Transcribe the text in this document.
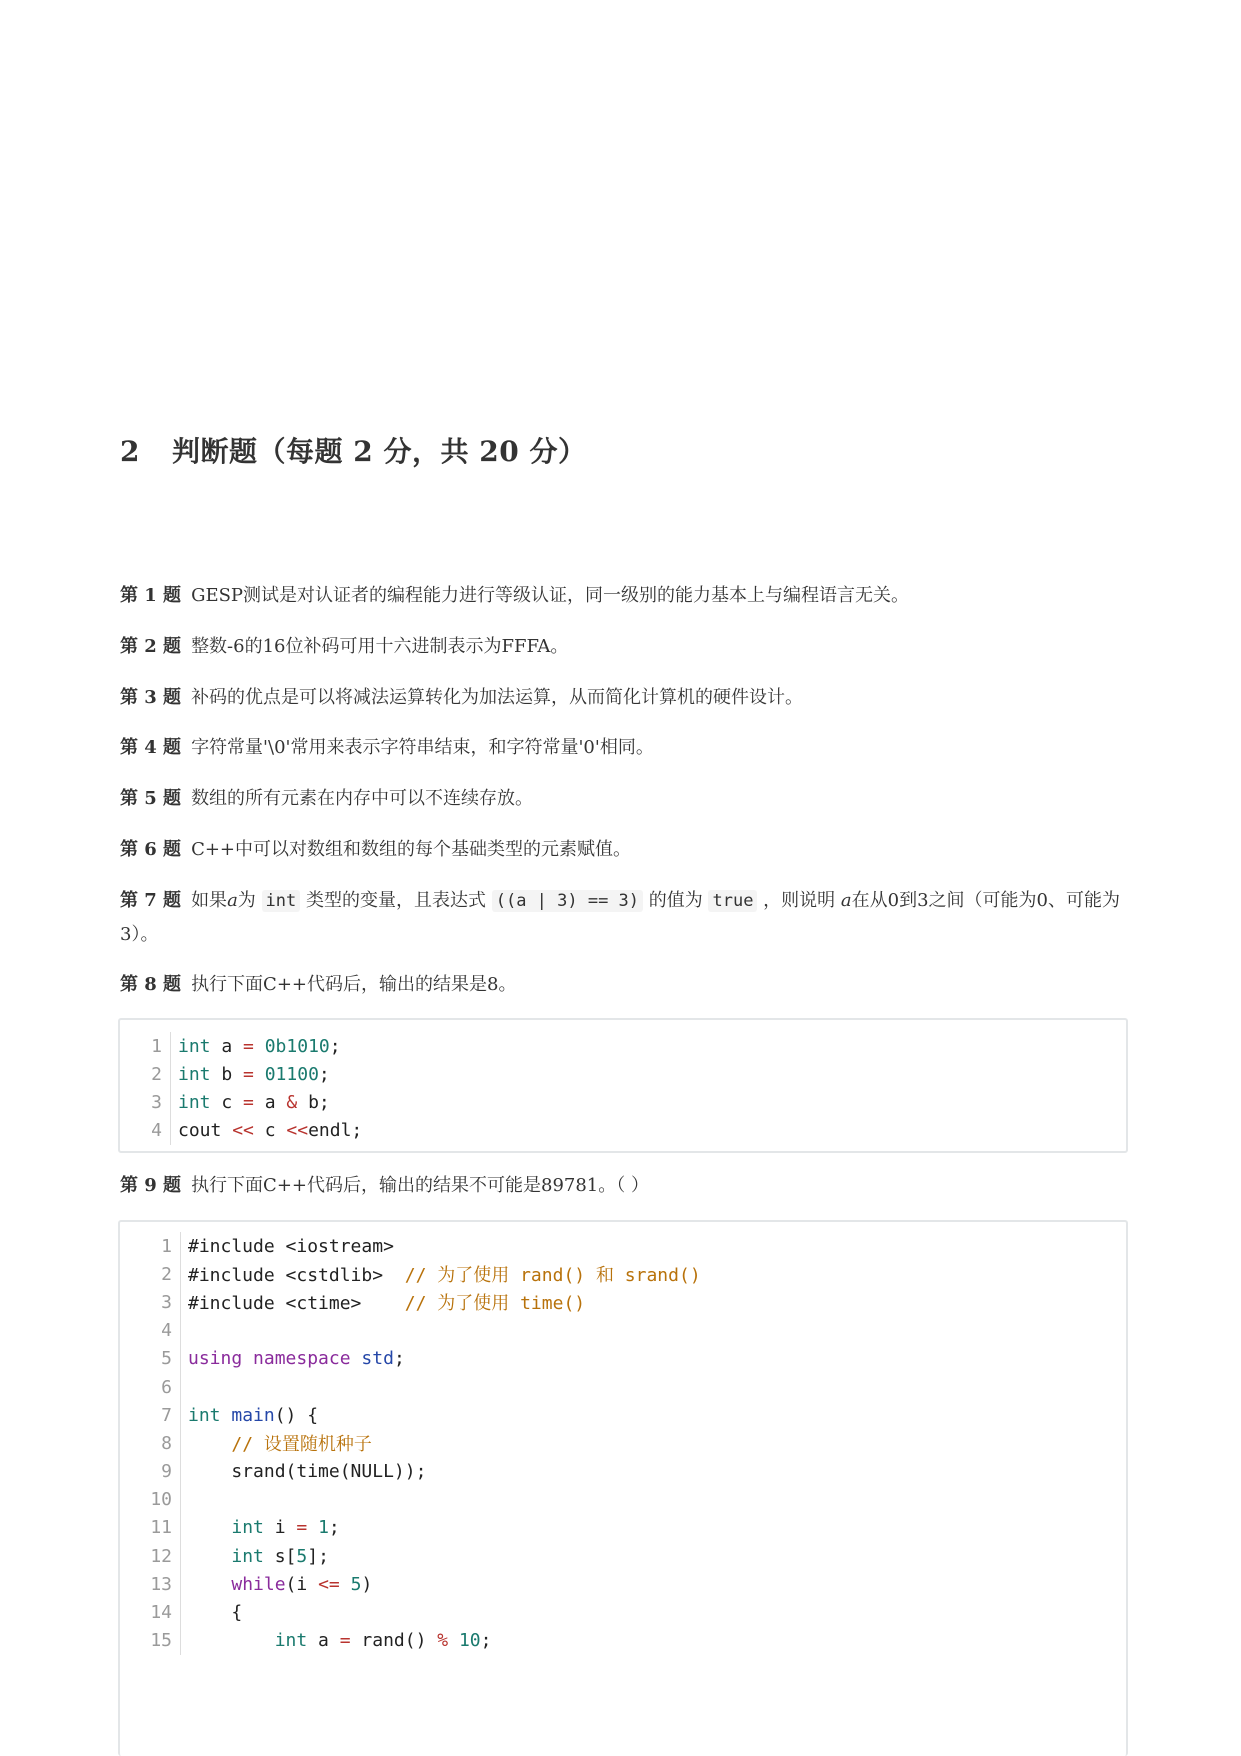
2 判断题（每题 2 分，共 20 分）

第 1 题 GESP测试是对认证者的编程能力进行等级认证，同一级别的能力基本上与编程语言无关。

第 2 题 整数-6的16位补码可用十六进制表示为FFFA。

第 3 题 补码的优点是可以将减法运算转化为加法运算，从而简化计算机的硬件设计。

第 4 题 字符常量'\0'常用来表示字符串结束，和字符常量'0'相同。

第 5 题 数组的所有元素在内存中可以不连续存放。

第 6 题 C++中可以对数组和数组的每个基础类型的元素赋值。

第 7 题 如果a为 int 类型的变量，且表达式 ((a | 3) == 3) 的值为 true ，则说明 a在从0到3之间（可能为0、可能为3）。

第 8 题 执行下面C++代码后，输出的结果是8。

1	int a = 0b1010;
2	int b = 01100;
3	int c = a & b;
4	cout << c <<endl;

第 9 题 执行下面C++代码后，输出的结果不可能是89781。（ ）

1	#include <iostream>
2	#include <cstdlib>  // 为了使用 rand() 和 srand()
3	#include <ctime>    // 为了使用 time()
4	
5	using namespace std;
6	
7	int main() {
8	// 设置随机种子
9	srand(time(NULL));
10	
11	int i = 1;
12	int s[5];
13	while(i <= 5)
14	{
15	int a = rand() % 10;
